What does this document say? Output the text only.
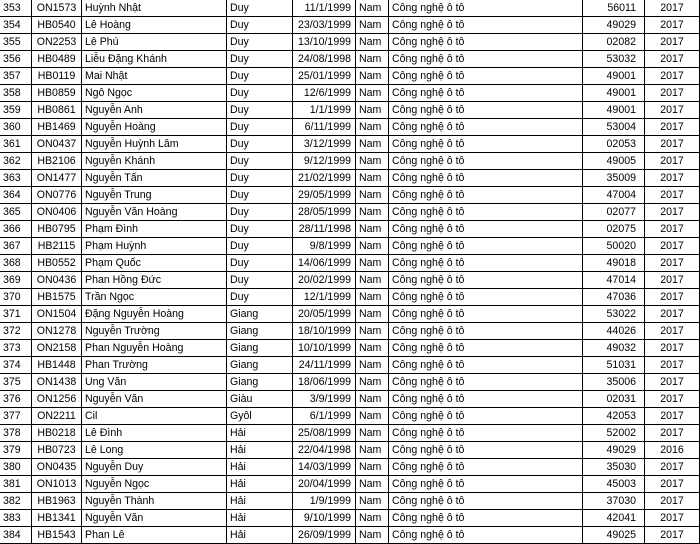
353	ON1573	Huỳnh Nhật	Duy	11/1/1999	Nam	Công nghệ ô tô	56011	2017
354	HB0540	Lê Hoàng	Duy	23/03/1999	Nam	Công nghệ ô tô	49029	2017
355	ON2253	Lê Phú	Duy	13/10/1999	Nam	Công nghệ ô tô	02082	2017
356	HB0489	Liễu Đặng Khánh	Duy	24/08/1998	Nam	Công nghệ ô tô	53032	2017
357	HB0119	Mai Nhật	Duy	25/01/1999	Nam	Công nghệ ô tô	49001	2017
358	HB0859	Ngô Ngọc	Duy	12/6/1999	Nam	Công nghệ ô tô	49001	2017
359	HB0861	Nguyễn Anh	Duy	1/1/1999	Nam	Công nghệ ô tô	49001	2017
360	HB1469	Nguyễn Hoàng	Duy	6/11/1999	Nam	Công nghệ ô tô	53004	2017
361	ON0437	Nguyễn Huỳnh Lâm	Duy	3/12/1999	Nam	Công nghệ ô tô	02053	2017
362	HB2106	Nguyễn Khánh	Duy	9/12/1999	Nam	Công nghệ ô tô	49005	2017
363	ON1477	Nguyễn Tấn	Duy	21/02/1999	Nam	Công nghệ ô tô	35009	2017
364	ON0776	Nguyễn Trung	Duy	29/05/1999	Nam	Công nghệ ô tô	47004	2017
365	ON0406	Nguyễn Văn Hoàng	Duy	28/05/1999	Nam	Công nghệ ô tô	02077	2017
366	HB0795	Phạm Đình	Duy	28/11/1998	Nam	Công nghệ ô tô	02075	2017
367	HB2115	Phạm Huỳnh	Duy	9/8/1999	Nam	Công nghệ ô tô	50020	2017
368	HB0552	Phạm Quốc	Duy	14/06/1999	Nam	Công nghệ ô tô	49018	2017
369	ON0436	Phan Hồng Đức	Duy	20/02/1999	Nam	Công nghệ ô tô	47014	2017
370	HB1575	Trần Ngọc	Duy	12/1/1999	Nam	Công nghệ ô tô	47036	2017
371	ON1504	Đặng Nguyễn Hoàng	Giang	20/05/1999	Nam	Công nghệ ô tô	53022	2017
372	ON1278	Nguyễn Trường	Giang	18/10/1999	Nam	Công nghệ ô tô	44026	2017
373	ON2158	Phan Nguyễn Hoàng	Giang	10/10/1999	Nam	Công nghệ ô tô	49032	2017
374	HB1448	Phan Trường	Giang	24/11/1999	Nam	Công nghệ ô tô	51031	2017
375	ON1438	Ung Văn	Giang	18/06/1999	Nam	Công nghệ ô tô	35006	2017
376	ON1256	Nguyễn Văn	Giàu	3/9/1999	Nam	Công nghệ ô tô	02031	2017
377	ON2211	Cil	Gyôl	6/1/1999	Nam	Công nghệ ô tô	42053	2017
378	HB0218	Lê Đình	Hải	25/08/1999	Nam	Công nghệ ô tô	52002	2017
379	HB0723	Lê Long	Hải	22/04/1998	Nam	Công nghệ ô tô	49029	2016
380	ON0435	Nguyễn Duy	Hải	14/03/1999	Nam	Công nghệ ô tô	35030	2017
381	ON1013	Nguyễn Ngọc	Hải	20/04/1999	Nam	Công nghệ ô tô	45003	2017
382	HB1963	Nguyễn Thành	Hải	1/9/1999	Nam	Công nghệ ô tô	37030	2017
383	HB1341	Nguyễn Văn	Hải	9/10/1999	Nam	Công nghệ ô tô	42041	2017
384	HB1543	Phan Lê	Hải	26/09/1999	Nam	Công nghệ ô tô	49025	2017
